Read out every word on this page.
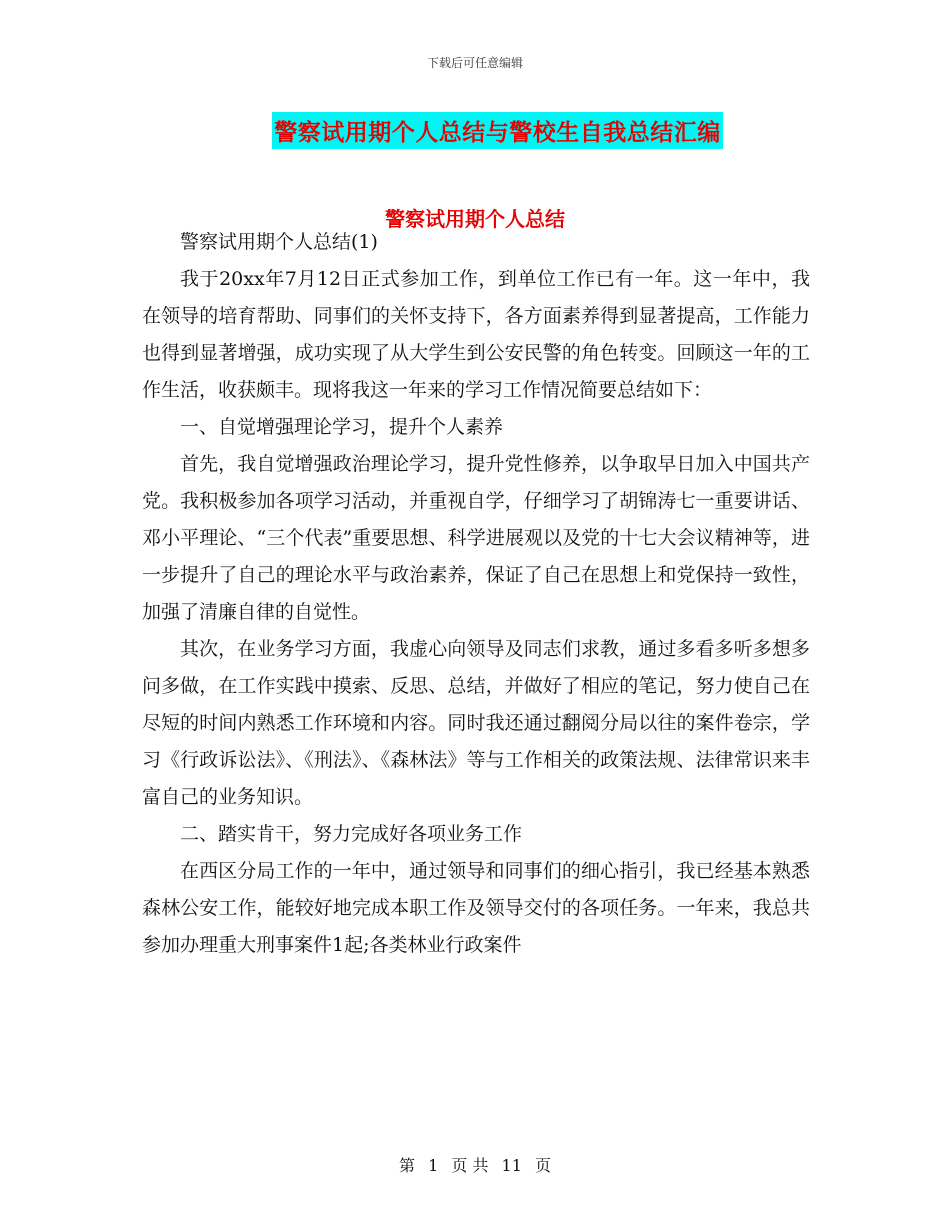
下载后可任意编辑
警察试用期个人总结与警校生自我总结汇编
警察试用期个人总结

警察试用期个人总结(1)

我于20xx年7月12日正式参加工作，到单位工作已有一年。这一年中，我在领导的培育帮助、同事们的关怀支持下，各方面素养得到显著提高，工作能力也得到显著增强，成功实现了从大学生到公安民警的角色转变。回顾这一年的工作生活，收获颇丰。现将我这一年来的学习工作情况简要总结如下：

一、自觉增强理论学习，提升个人素养

首先，我自觉增强政治理论学习，提升党性修养，以争取早日加入中国共产党。我积极参加各项学习活动，并重视自学，仔细学习了胡锦涛七一重要讲话、邓小平理论、“三个代表”重要思想、科学进展观以及党的十七大会议精神等，进一步提升了自己的理论水平与政治素养，保证了自己在思想上和党保持一致性，加强了清廉自律的自觉性。

其次，在业务学习方面，我虚心向领导及同志们求教，通过多看多听多想多问多做，在工作实践中摸索、反思、总结，并做好了相应的笔记，努力使自己在尽短的时间内熟悉工作环境和内容。同时我还通过翻阅分局以往的案件卷宗，学习《行政诉讼法》、《刑法》、《森林法》等与工作相关的政策法规、法律常识来丰富自己的业务知识。

二、踏实肯干，努力完成好各项业务工作

在西区分局工作的一年中，通过领导和同事们的细心指引，我已经基本熟悉森林公安工作，能较好地完成本职工作及领导交付的各项任务。一年来，我总共参加办理重大刑事案件1起;各类林业行政案件

第 1 页 共 11 页
